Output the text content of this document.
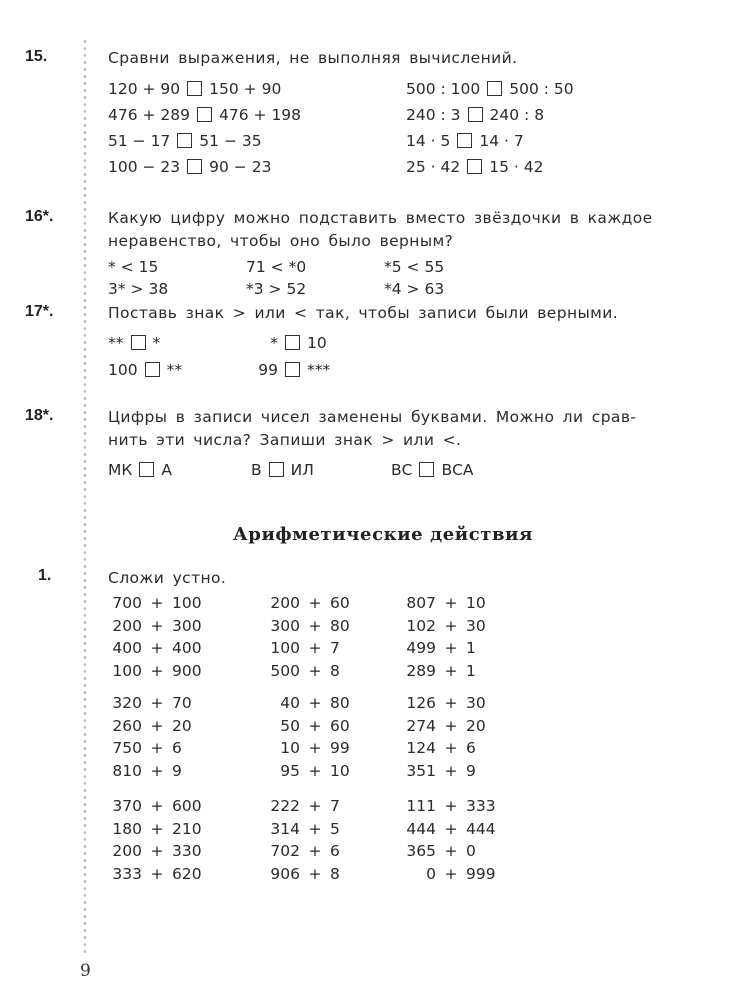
15.	Сравни выражения, не выполняя вычислений.
120 + 90 150 + 90	500 : 100 500 : 50
476 + 289 476 + 198	240 : 3 240 : 8
51 − 17 51 − 35	14 · 5 14 · 7
100 − 23 90 − 23	25 · 42 15 · 42
16*.	Какую цифру можно подставить вместо звёздочки в каждое
неравенство, чтобы оно было верным?
* < 15	71 < *0	*5 < 55
3* > 38	*3 > 52	*4 > 63
17*.	Поставь знак > или < так, чтобы записи были верными.
** *	* 10
100 **	99 ***
18*.	Цифры в записи чисел заменены буквами. Можно ли срав-
нить эти числа? Запиши знак > или <.
МК А	В ИЛ	ВС ВСА
Арифметические действия
1.	Сложи устно.
700 + 100	200 + 60	807 + 10
200 + 300	300 + 80	102 + 30
400 + 400	100 + 7	499 + 1
100 + 900	500 + 8	289 + 1
320 + 70	40 + 80	126 + 30
260 + 20	50 + 60	274 + 20
750 + 6	10 + 99	124 + 6
810 + 9	95 + 10	351 + 9
370 + 600	222 + 7	111 + 333
180 + 210	314 + 5	444 + 444
200 + 330	702 + 6	365 + 0
333 + 620	906 + 8	0 + 999
9
